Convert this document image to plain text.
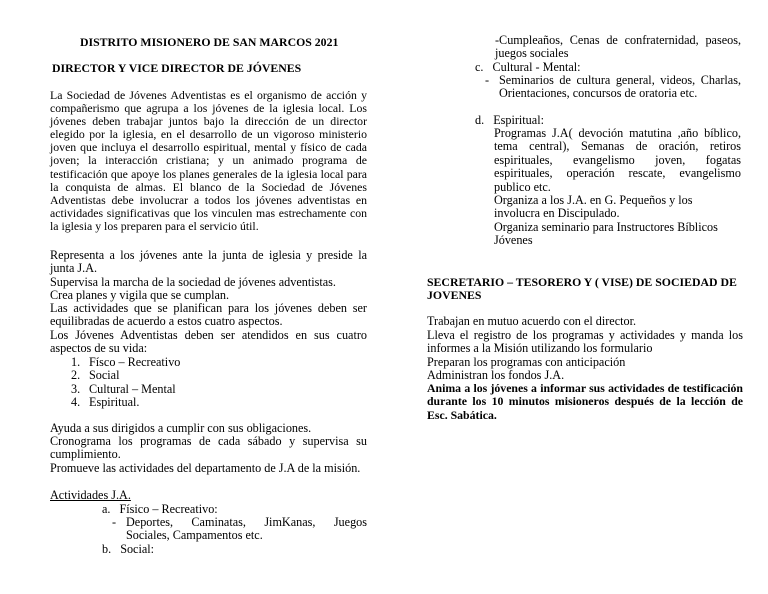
DISTRITO MISIONERO DE SAN MARCOS 2021
DIRECTOR Y VICE DIRECTOR DE JÓVENES
La Sociedad de Jóvenes Adventistas es el organismo de acción y compañerismo que agrupa a los jóvenes de la iglesia local. Los jóvenes deben trabajar juntos bajo la dirección de un director elegido por la iglesia, en el desarrollo de un vigoroso ministerio joven que incluya el desarrollo espiritual, mental y físico de cada joven; la interacción cristiana; y un animado programa de testificación que apoye los planes generales de la iglesia local para la conquista de almas. El blanco de la Sociedad de Jóvenes Adventistas debe involucrar a todos los jóvenes adventistas en actividades significativas que los vinculen mas estrechamente con la iglesia y los preparen para el servicio útil.
Representa a los jóvenes ante la junta de iglesia y preside la junta J.A.
Supervisa la marcha de la sociedad de jóvenes adventistas.
Crea planes y vigila que se cumplan.
Las actividades que se planifican para los jóvenes deben ser equilibradas de acuerdo a estos cuatro aspectos.
Los Jóvenes Adventistas deben ser atendidos en sus cuatro aspectos de su vida:
1. Físco – Recreativo
2. Social
3. Cultural – Mental
4. Espiritual.
Ayuda a sus dirigidos a cumplir con sus obligaciones.
Cronograma los programas de cada sábado y supervisa su cumplimiento.
Promueve las actividades del departamento de J.A de la misión.
Actividades J.A.
a. Físico – Recreativo:
- Deportes, Caminatas, JimKanas, Juegos Sociales, Campamentos etc.
b. Social:
-Cumpleaños, Cenas de confraternidad, paseos, juegos sociales
c. Cultural - Mental:
- Seminarios de cultura general, videos, Charlas, Orientaciones, concursos de oratoria etc.
d. Espiritual:
Programas J.A( devoción matutina ,año bíblico, tema central), Semanas de oración, retiros espirituales, evangelismo joven, fogatas espirituales, operación rescate, evangelismo publico etc.
Organiza a los J.A. en G. Pequeños y los involucra en Discipulado.
Organiza seminario para Instructores Bíblicos Jóvenes
SECRETARIO – TESORERO Y ( VISE) DE SOCIEDAD DE JOVENES
Trabajan en mutuo acuerdo con el director.
Lleva el registro de los programas y actividades y manda los informes a la Misión utilizando los formulario
Preparan los programas con anticipación
Administran los fondos J.A.
Anima a los jóvenes a informar sus actividades de testificación durante los 10 minutos misioneros después de la lección de Esc. Sabática.
